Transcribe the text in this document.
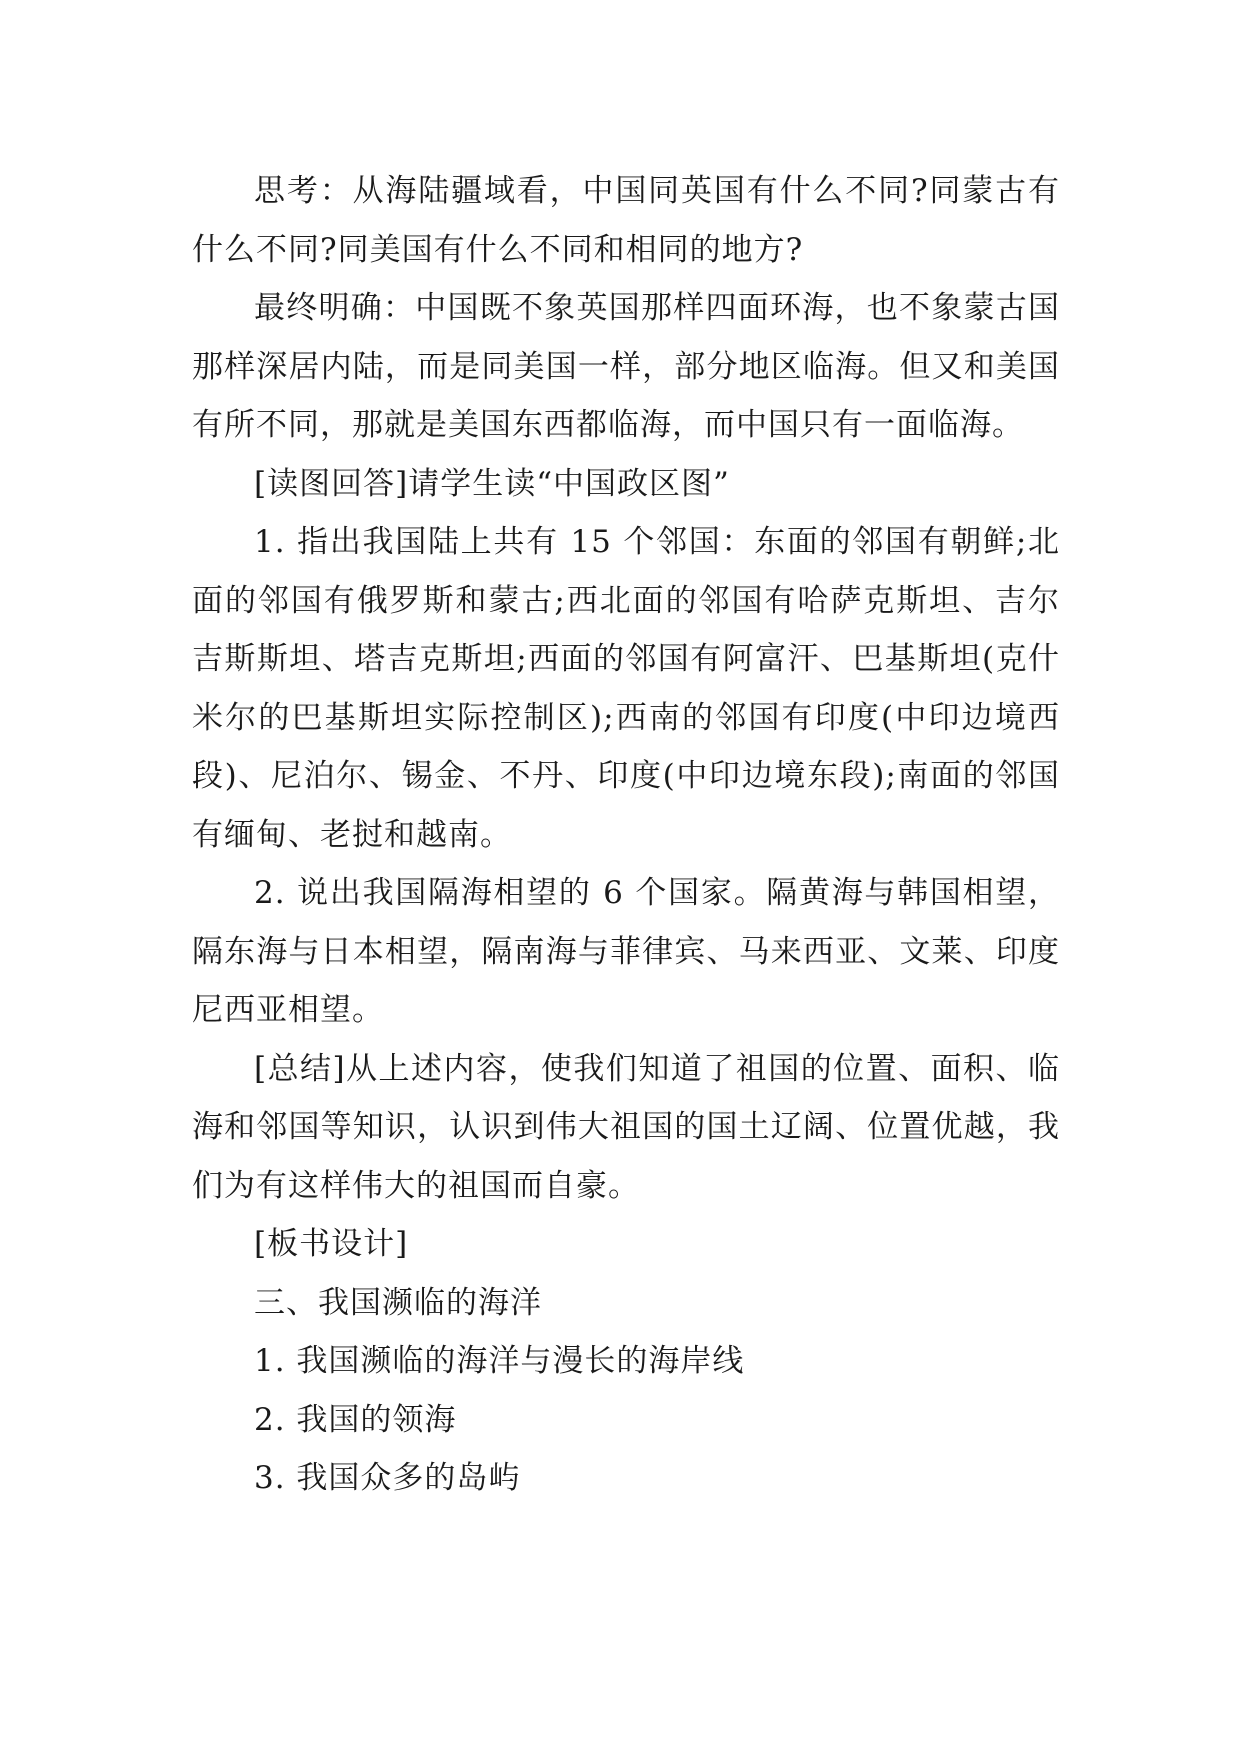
思考：从海陆疆域看，中国同英国有什么不同?同蒙古有什么不同?同美国有什么不同和相同的地方?

最终明确：中国既不象英国那样四面环海，也不象蒙古国那样深居内陆，而是同美国一样，部分地区临海。但又和美国有所不同，那就是美国东西都临海，而中国只有一面临海。

[读图回答]请学生读“中国政区图”

1. 指出我国陆上共有 15 个邻国：东面的邻国有朝鲜;北面的邻国有俄罗斯和蒙古;西北面的邻国有哈萨克斯坦、吉尔吉斯斯坦、塔吉克斯坦;西面的邻国有阿富汗、巴基斯坦(克什米尔的巴基斯坦实际控制区);西南的邻国有印度(中印边境西段)、尼泊尔、锡金、不丹、印度(中印边境东段);南面的邻国有缅甸、老挝和越南。

2. 说出我国隔海相望的 6 个国家。隔黄海与韩国相望，隔东海与日本相望，隔南海与菲律宾、马来西亚、文莱、印度尼西亚相望。

[总结]从上述内容，使我们知道了祖国的位置、面积、临海和邻国等知识，认识到伟大祖国的国土辽阔、位置优越，我们为有这样伟大的祖国而自豪。

[板书设计]

三、我国濒临的海洋

1. 我国濒临的海洋与漫长的海岸线

2. 我国的领海

3. 我国众多的岛屿
